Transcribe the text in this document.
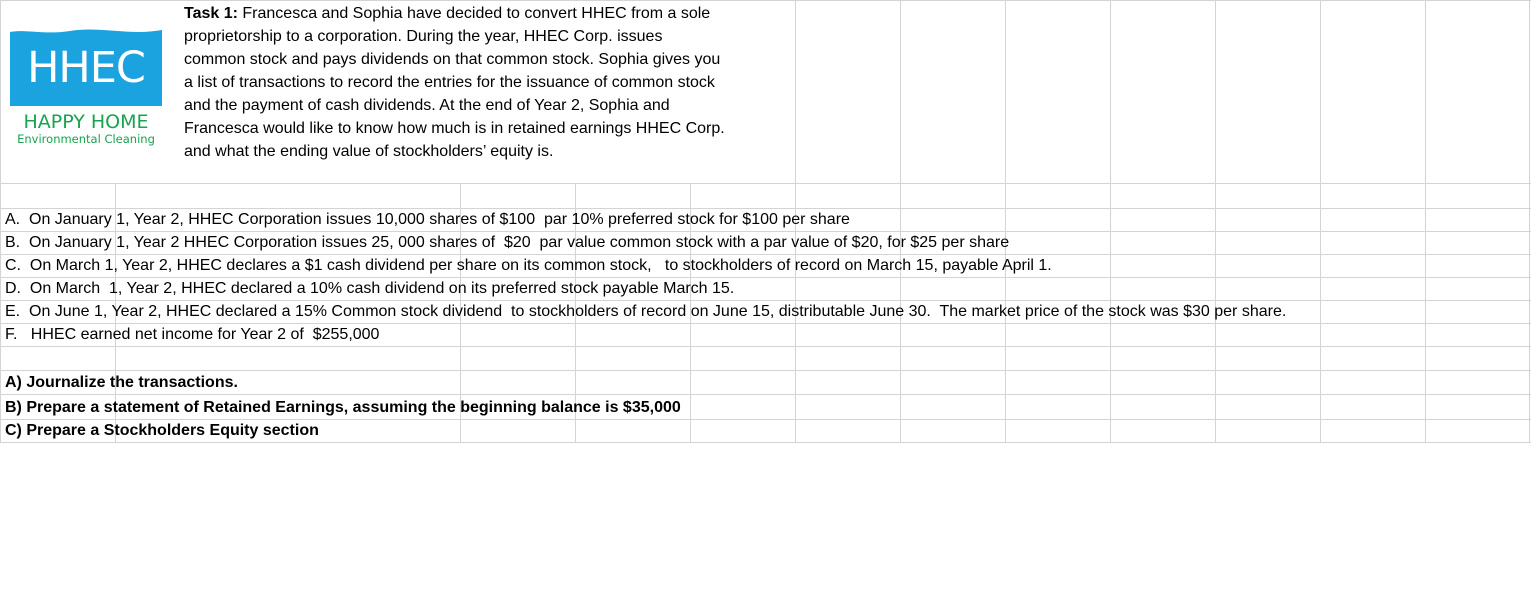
HHEC
HAPPY HOME
Environmental Cleaning
Task 1: Francesca and Sophia have decided to convert HHEC from a sole
proprietorship to a corporation. During the year, HHEC Corp. issues
common stock and pays dividends on that common stock. Sophia gives you
a list of transactions to record the entries for the issuance of common stock
and the payment of cash dividends. At the end of Year 2, Sophia and
Francesca would like to know how much is in retained earnings HHEC Corp.
and what the ending value of stockholders’ equity is.
A.  On January 1, Year 2, HHEC Corporation issues 10,000 shares of $100  par 10% preferred stock for $100 per share
B.  On January 1, Year 2 HHEC Corporation issues 25, 000 shares of  $20  par value common stock with a par value of $20, for $25 per share
C.  On March 1, Year 2, HHEC declares a $1 cash dividend per share on its common stock,   to stockholders of record on March 15, payable April 1.
D.  On March  1, Year 2, HHEC declared a 10% cash dividend on its preferred stock payable March 15.
E.  On June 1, Year 2, HHEC declared a 15% Common stock dividend  to stockholders of record on June 15, distributable June 30.  The market price of the stock was $30 per share.
F.   HHEC earned net income for Year 2 of  $255,000
A) Journalize the transactions.
B) Prepare a statement of Retained Earnings, assuming the beginning balance is $35,000
C) Prepare a Stockholders Equity section
